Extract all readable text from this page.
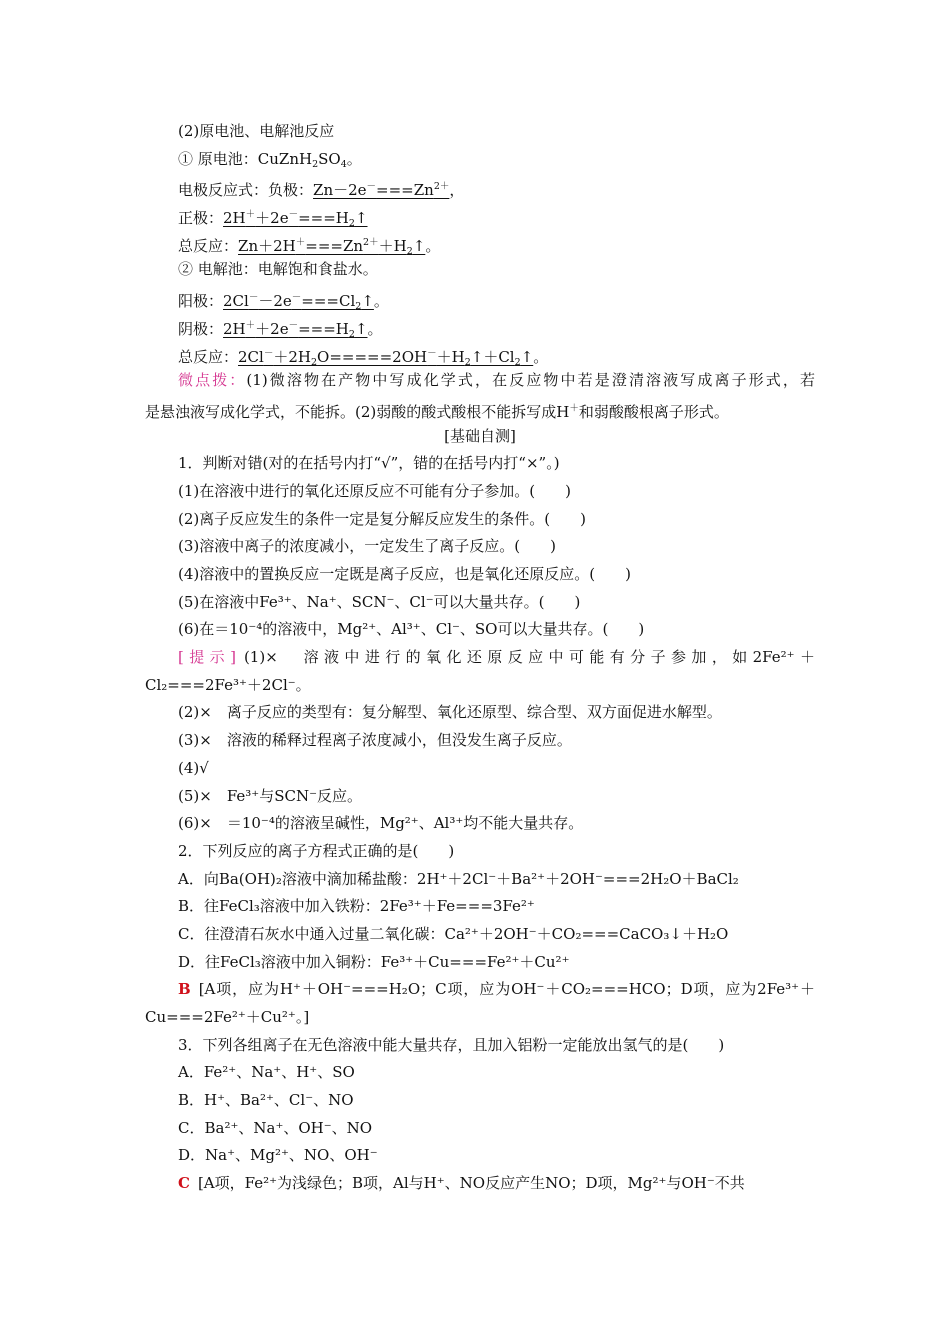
(2)原电池、电解池反应
① 原电池：$CuZnH_2SO_4$。
电极反应式：负极：$Zn-2e^-===Zn^{2+}$，
正极：$2H^++2e^-===H_2↑$
总反应：$Zn+2H^+===Zn^{2+}+H_2↑$。
② 电解池：电解饱和食盐水。
阳极：$2Cl^--2e^-===Cl_2↑$。
阴极：$2H^++2e^-===H_2↑$。
总反应：$2Cl^-+2H_2O=====2OH^-+H_2↑+Cl_2↑$。
微点拨：(1)微溶物在产物中写成化学式，在反应物中若是澄清溶液写成离子形式，若
是悬浊液写成化学式，不能拆。(2)弱酸的酸式酸根不能拆写成H＋和弱酸酸根离子形式。
[基础自测]
1．判断对错(对的在括号内打“√”，错的在括号内打“×”。)
(1)在溶液中进行的氧化还原反应不可能有分子参加。(　　)
(2)离子反应发生的条件一定是复分解反应发生的条件。(　　)
(3)溶液中离子的浓度减小，一定发生了离子反应。(　　)
(4)溶液中的置换反应一定既是离子反应，也是氧化还原反应。(　　)
(5)在溶液中Fe³⁺、Na⁺、SCN⁻、Cl⁻可以大量共存。(　　)
(6)在＝10⁻⁴的溶液中，Mg²⁺、Al³⁺、Cl⁻、SO可以大量共存。(　　)
[提示] (1)×　溶液中进行的氧化还原反应中可能有分子参加，如2Fe²⁺＋
Cl₂===2Fe³⁺＋2Cl⁻。
(2)×　离子反应的类型有：复分解型、氧化还原型、综合型、双方面促进水解型。
(3)×　溶液的稀释过程离子浓度减小，但没发生离子反应。
(4)√
(5)×　Fe³⁺与SCN⁻反应。
(6)×　＝10⁻⁴的溶液呈碱性，Mg²⁺、Al³⁺均不能大量共存。
2．下列反应的离子方程式正确的是(　　)
A．向Ba(OH)₂溶液中滴加稀盐酸：2H⁺＋2Cl⁻＋Ba²⁺＋2OH⁻===2H₂O＋BaCl₂
B．往FeCl₃溶液中加入铁粉：2Fe³⁺＋Fe===3Fe²⁺
C．往澄清石灰水中通入过量二氧化碳：Ca²⁺＋2OH⁻＋CO₂===CaCO₃↓＋H₂O
D．往FeCl₃溶液中加入铜粉：Fe³⁺＋Cu===Fe²⁺＋Cu²⁺
B [A项，应为H⁺＋OH⁻===H₂O；C项，应为OH⁻＋CO₂===HCO；D项，应为2Fe³⁺＋
Cu===2Fe²⁺＋Cu²⁺。]
3．下列各组离子在无色溶液中能大量共存，且加入铝粉一定能放出氢气的是(　　)
A．Fe²⁺、Na⁺、H⁺、SO
B．H⁺、Ba²⁺、Cl⁻、NO
C．Ba²⁺、Na⁺、OH⁻、NO
D．Na⁺、Mg²⁺、NO、OH⁻
C [A项，Fe²⁺为浅绿色；B项，Al与H⁺、NO反应产生NO；D项，Mg²⁺与OH⁻不共
